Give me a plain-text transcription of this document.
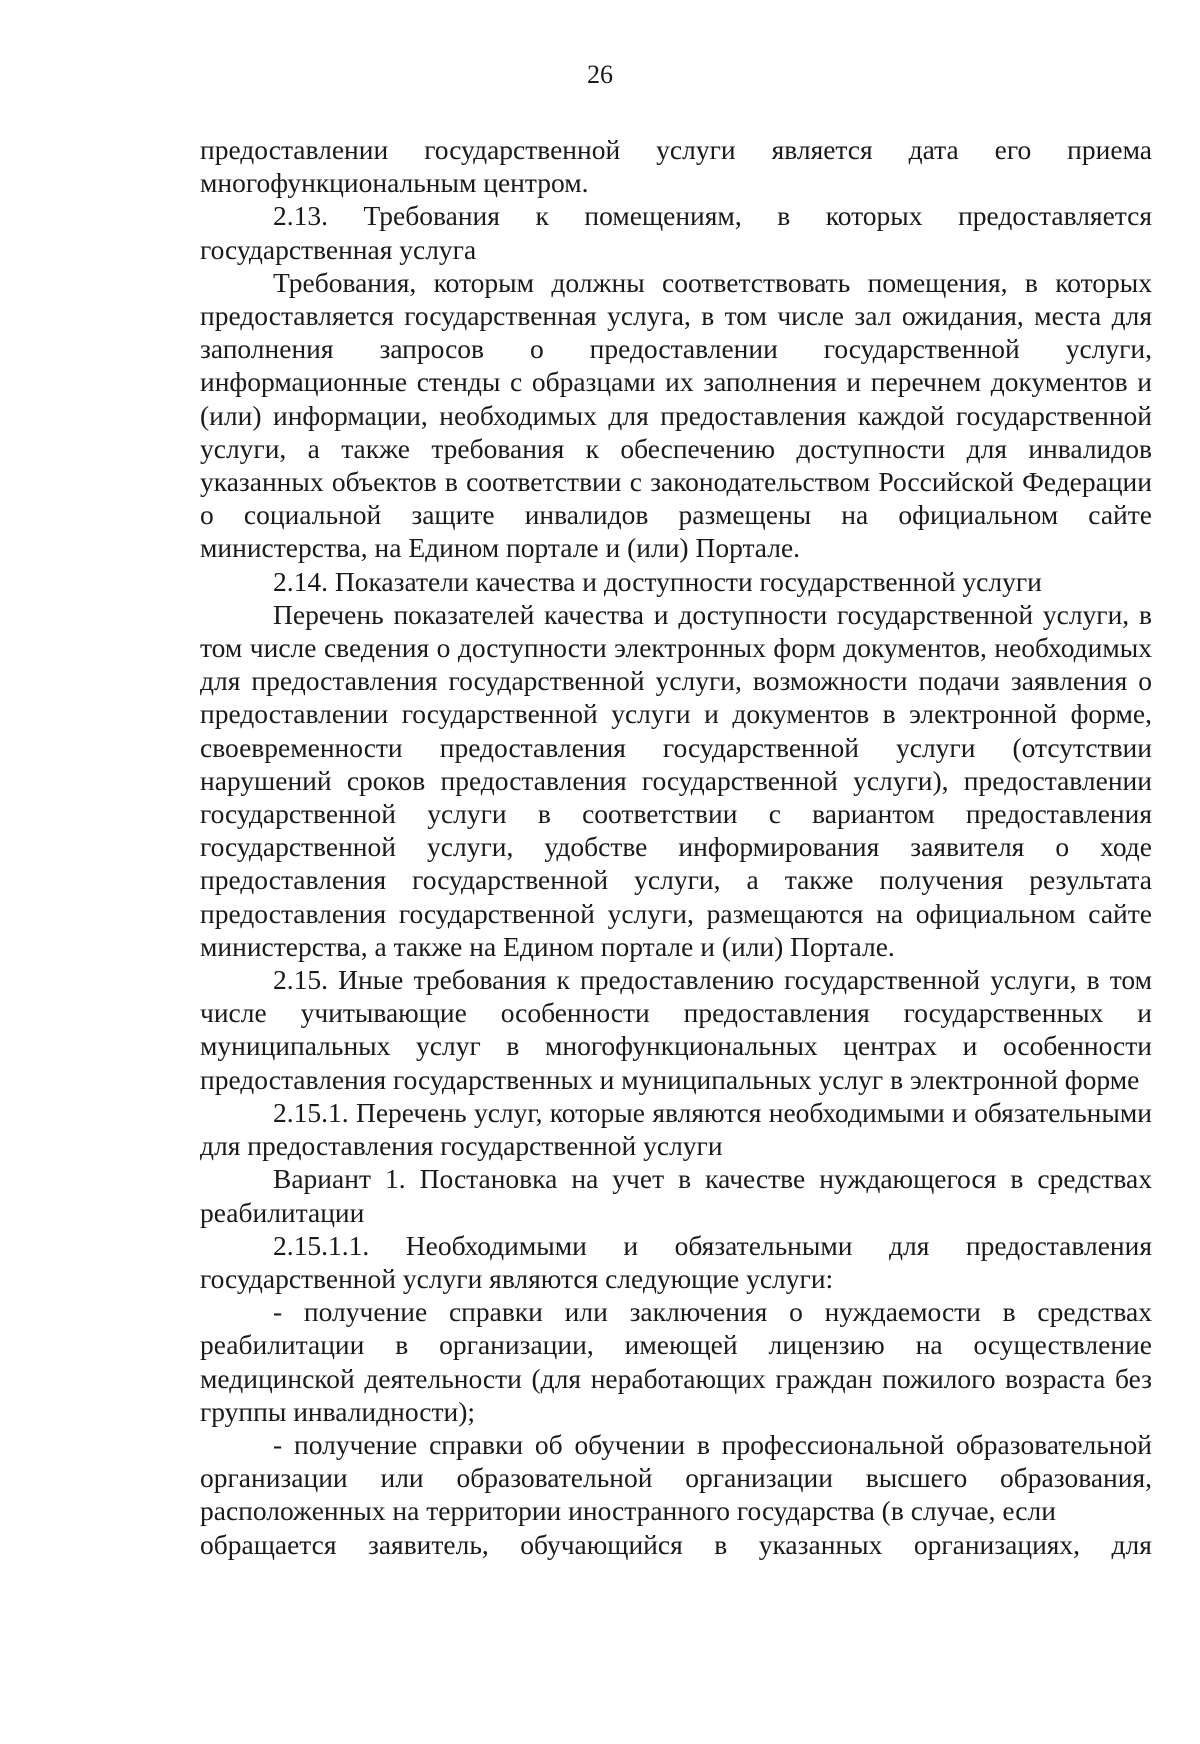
26

предоставлении государственной услуги является дата его приема многофункциональным центром.

2.13. Требования к помещениям, в которых предоставляется государственная услуга

Требования, которым должны соответствовать помещения, в которых предоставляется государственная услуга, в том числе зал ожидания, места для заполнения запросов о предоставлении государственной услуги, информационные стенды с образцами их заполнения и перечнем документов и (или) информации, необходимых для предоставления каждой государственной услуги, а также требования к обеспечению доступности для инвалидов указанных объектов в соответствии с законодательством Российской Федерации о социальной защите инвалидов размещены на официальном сайте министерства, на Едином портале и (или) Портале.

2.14. Показатели качества и доступности государственной услуги

Перечень показателей качества и доступности государственной услуги, в том числе сведения о доступности электронных форм документов, необходимых для предоставления государственной услуги, возможности подачи заявления о предоставлении государственной услуги и документов в электронной форме, своевременности предоставления государственной услуги (отсутствии нарушений сроков предоставления государственной услуги), предоставлении государственной услуги в соответствии с вариантом предоставления государственной услуги, удобстве информирования заявителя о ходе предоставления государственной услуги, а также получения результата предоставления государственной услуги, размещаются на официальном сайте министерства, а также на Едином портале и (или) Портале.

2.15. Иные требования к предоставлению государственной услуги, в том числе учитывающие особенности предоставления государственных и муниципальных услуг в многофункциональных центрах и особенности предоставления государственных и муниципальных услуг в электронной форме

2.15.1. Перечень услуг, которые являются необходимыми и обязательными для предоставления государственной услуги

Вариант 1. Постановка на учет в качестве нуждающегося в средствах реабилитации

2.15.1.1. Необходимыми и обязательными для предоставления государственной услуги являются следующие услуги:

- получение справки или заключения о нуждаемости в средствах реабилитации в организации, имеющей лицензию на осуществление медицинской деятельности (для неработающих граждан пожилого возраста без группы инвалидности);

- получение справки об обучении в профессиональной образовательной организации или образовательной организации высшего образования, расположенных на территории иностранного государства (в случае, если

обращается заявитель, обучающийся в указанных организациях, для
